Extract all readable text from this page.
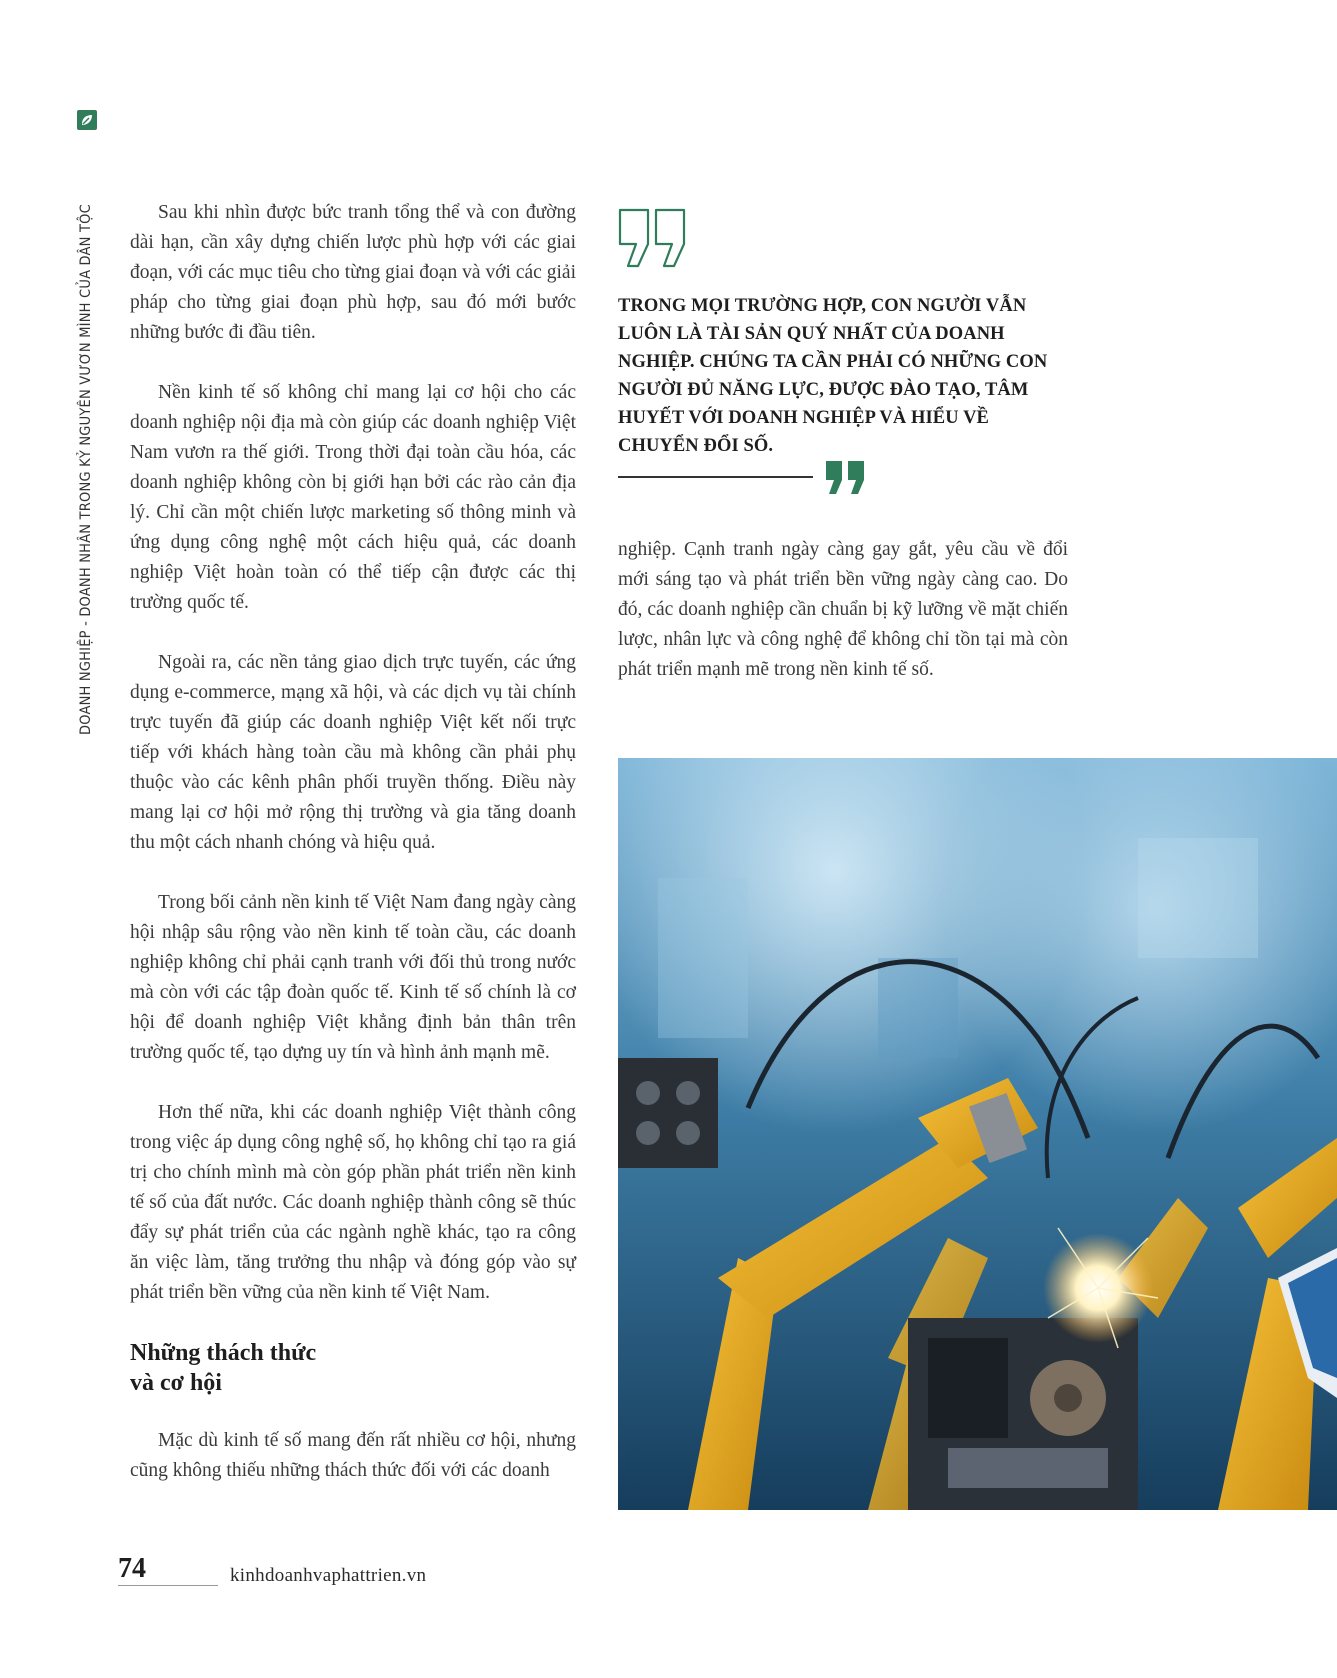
DOANH NGHIỆP - DOANH NHÂN TRONG KỶ NGUYÊN VƯƠN MÌNH CỦA DÂN TỘC	Sau khi nhìn được bức tranh tổng thể và con đường dài hạn, cần xây dựng chiến lược phù hợp với các giai đoạn, với các mục tiêu cho từng giai đoạn và với các giải pháp cho từng giai đoạn phù hợp, sau đó mới bước những bước đi đầu tiên.

Nền kinh tế số không chỉ mang lại cơ hội cho các doanh nghiệp nội địa mà còn giúp các doanh nghiệp Việt Nam vươn ra thế giới. Trong thời đại toàn cầu hóa, các doanh nghiệp không còn bị giới hạn bởi các rào cản địa lý. Chỉ cần một chiến lược marketing số thông minh và ứng dụng công nghệ một cách hiệu quả, các doanh nghiệp Việt hoàn toàn có thể tiếp cận được các thị trường quốc tế.

Ngoài ra, các nền tảng giao dịch trực tuyến, các ứng dụng e-commerce, mạng xã hội, và các dịch vụ tài chính trực tuyến đã giúp các doanh nghiệp Việt kết nối trực tiếp với khách hàng toàn cầu mà không cần phải phụ thuộc vào các kênh phân phối truyền thống. Điều này mang lại cơ hội mở rộng thị trường và gia tăng doanh thu một cách nhanh chóng và hiệu quả.

Trong bối cảnh nền kinh tế Việt Nam đang ngày càng hội nhập sâu rộng vào nền kinh tế toàn cầu, các doanh nghiệp không chỉ phải cạnh tranh với đối thủ trong nước mà còn với các tập đoàn quốc tế. Kinh tế số chính là cơ hội để doanh nghiệp Việt khẳng định bản thân trên trường quốc tế, tạo dựng uy tín và hình ảnh mạnh mẽ.

Hơn thế nữa, khi các doanh nghiệp Việt thành công trong việc áp dụng công nghệ số, họ không chỉ tạo ra giá trị cho chính mình mà còn góp phần phát triển nền kinh tế số của đất nước. Các doanh nghiệp thành công sẽ thúc đẩy sự phát triển của các ngành nghề khác, tạo ra công ăn việc làm, tăng trưởng thu nhập và đóng góp vào sự phát triển bền vững của nền kinh tế Việt Nam.

Những thách thức
và cơ hội

Mặc dù kinh tế số mang đến rất nhiều cơ hội, nhưng cũng không thiếu những thách thức đối với các doanh

TRONG MỌI TRƯỜNG HỢP, CON NGƯỜI VẪN LUÔN LÀ TÀI SẢN QUÝ NHẤT CỦA DOANH NGHIỆP. CHÚNG TA CẦN PHẢI CÓ NHỮNG CON NGƯỜI ĐỦ NĂNG LỰC, ĐƯỢC ĐÀO TẠO, TÂM HUYẾT VỚI DOANH NGHIỆP VÀ HIỂU VỀ CHUYỂN ĐỔI SỐ.

nghiệp. Cạnh tranh ngày càng gay gắt, yêu cầu về đổi mới sáng tạo và phát triển bền vững ngày càng cao. Do đó, các doanh nghiệp cần chuẩn bị kỹ lưỡng về mặt chiến lược, nhân lực và công nghệ để không chỉ tồn tại mà còn phát triển mạnh mẽ trong nền kinh tế số.

74	kinhdoanhvaphattrien.vn
